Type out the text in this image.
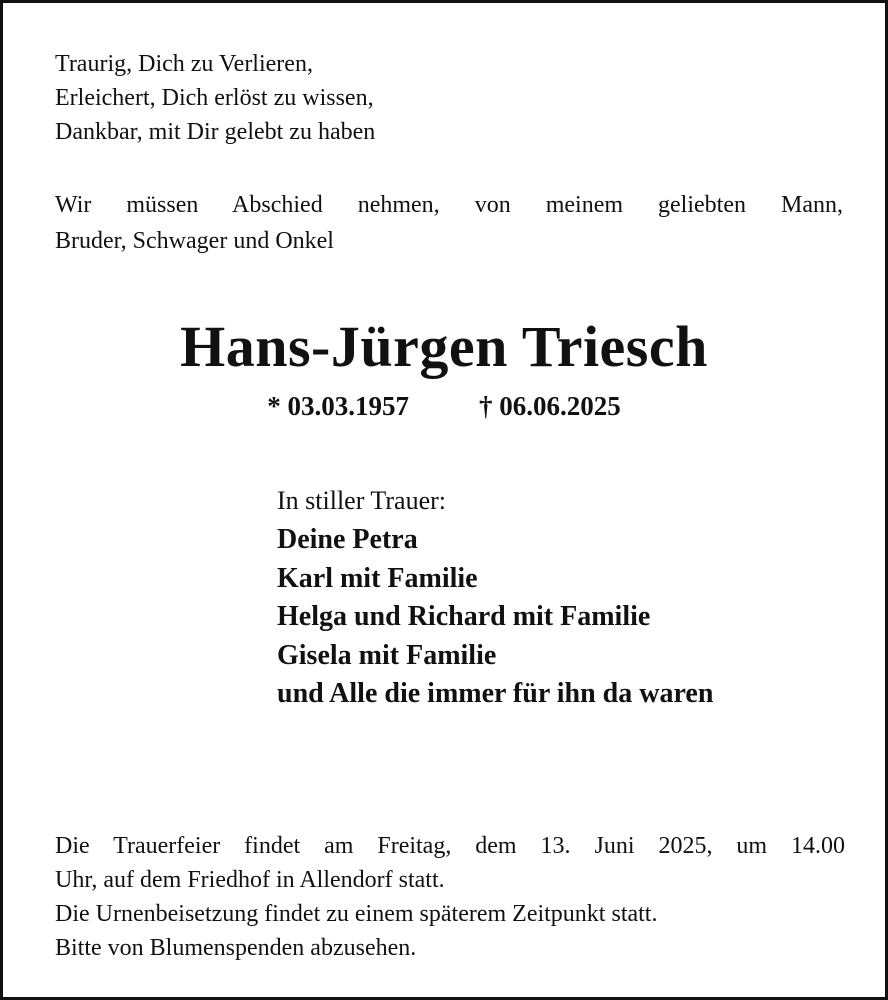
Traurig, Dich zu Verlieren,
Erleichert, Dich erlöst zu wissen,
Dankbar, mit Dir gelebt zu haben
Wir müssen Abschied nehmen, von meinem geliebten Mann,
Bruder, Schwager und Onkel
Hans-Jürgen Triesch
* 03.03.1957	† 06.06.2025
In stiller Trauer:
Deine Petra
Karl mit Familie
Helga und Richard mit Familie
Gisela mit Familie
und Alle die immer für ihn da waren
Die Trauerfeier findet am Freitag, dem 13. Juni 2025, um 14.00
Uhr, auf dem Friedhof in Allendorf statt.
Die Urnenbeisetzung findet zu einem späterem Zeitpunkt statt.
Bitte von Blumenspenden abzusehen.
